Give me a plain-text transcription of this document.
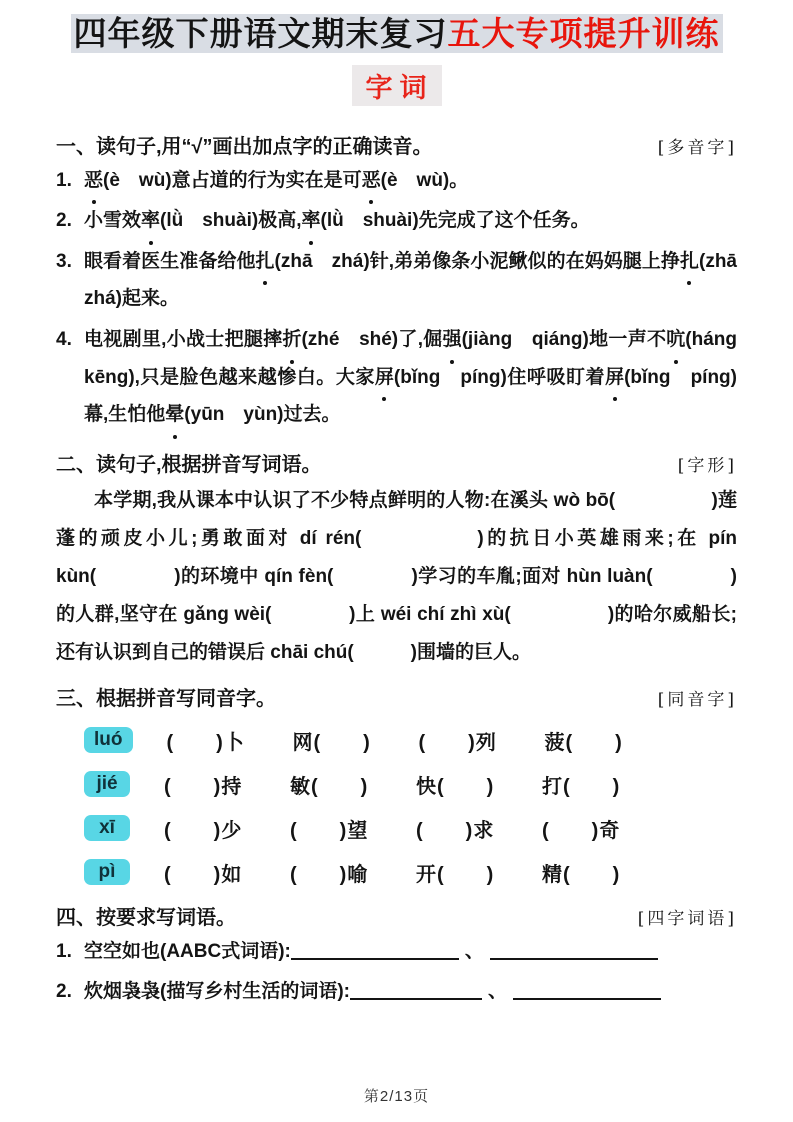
四年级下册语文期末复习五大专项提升训练
字词
一、读句子,用“√”画出加点字的正确读音。	[多音字]
1. 恶(è　wù)意占道的行为实在是可恶(è　wù)。
2. 小雪效率(lǜ　shuài)极高,率(lǜ　shuài)先完成了这个任务。
3. 眼看着医生准备给他扎(zhā　zhá)针,弟弟像条小泥鳅似的在妈妈腿上挣扎(zhā　zhá)起来。
4. 电视剧里,小战士把腿摔折(zhé　shé)了,倔强(jiàng　qiáng)地一声不吭(háng　kēng),只是脸色越来越惨白。大家屏(bǐng　píng)住呼吸盯着屏(bǐng　píng)幕,生怕他晕(yūn　yùn)过去。
二、读句子,根据拼音写词语。	[字形]
本学期,我从课本中认识了不少特点鲜明的人物:在溪头 wò bō(　　　　　)莲蓬的顽皮小儿;勇敢面对 dí rén(　　　　　)的抗日小英雄雨来;在 pín kùn(　　　　)的环境中 qín fèn(　　　　)学习的车胤;面对 hùn luàn(　　　　)的人群,坚守在 gǎng wèi(　　　　)上 wéi chí zhì xù(　　　　　)的哈尔威船长;还有认识到自己的错误后 chāi chú(　　　)围墙的巨人。
三、根据拼音写同音字。	[同音字]
luó	(　　)卜	网(　　)	(　　)列	菠(　　)
jié	(　　)持	敏(　　)	快(　　)	打(　　)
xī	(　　)少	(　　)望	(　　)求	(　　)奇
pì	(　　)如	(　　)喻	开(　　)	精(　　)
四、按要求写词语。	[四字词语]
1. 空空如也(AABC式词语):	、
2. 炊烟袅袅(描写乡村生活的词语):	、
第2/13页
